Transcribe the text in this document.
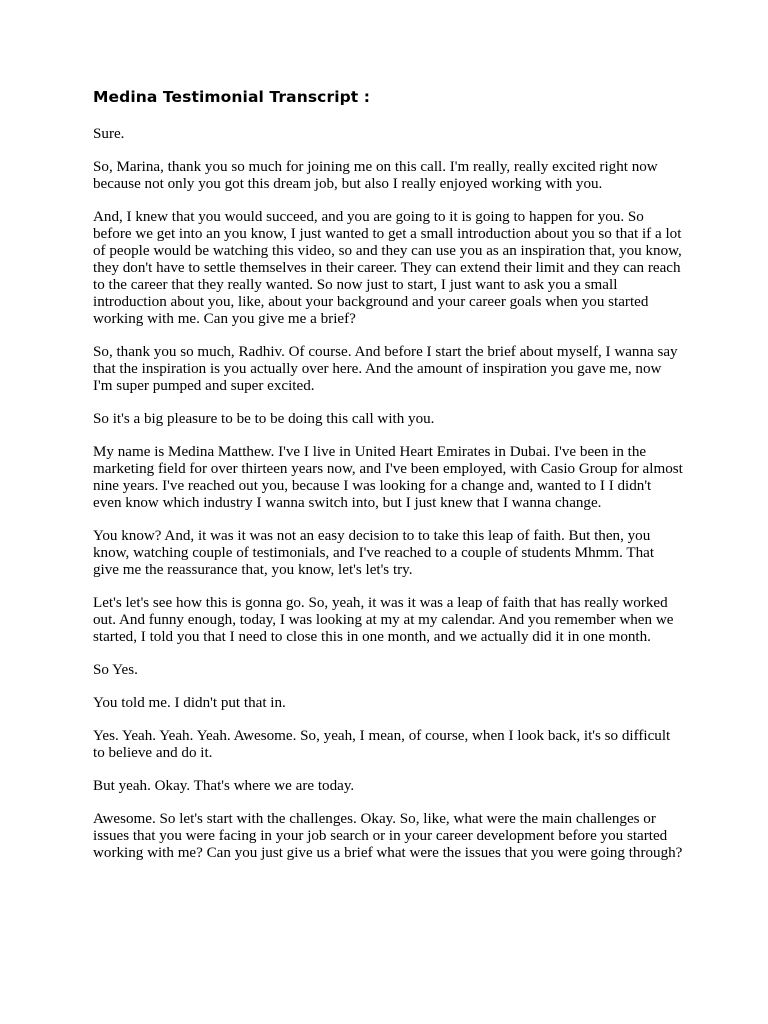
Medina Testimonial Transcript :

Sure.

So, Marina, thank you so much for joining me on this call. I'm really, really excited right now because not only you got this dream job, but also I really enjoyed working with you.

And, I knew that you would succeed, and you are going to it is going to happen for you. So before we get into an you know, I just wanted to get a small introduction about you so that if a lot of people would be watching this video, so and they can use you as an inspiration that, you know, they don't have to settle themselves in their career. They can extend their limit and they can reach to the career that they really wanted. So now just to start, I just want to ask you a small introduction about you, like, about your background and your career goals when you started working with me. Can you give me a brief?

So, thank you so much, Radhiv. Of course. And before I start the brief about myself, I wanna say that the inspiration is you actually over here. And the amount of inspiration you gave me, now I'm super pumped and super excited.

So it's a big pleasure to be to be doing this call with you.

My name is Medina Matthew. I've I live in United Heart Emirates in Dubai. I've been in the marketing field for over thirteen years now, and I've been employed, with Casio Group for almost nine years. I've reached out you, because I was looking for a change and, wanted to I I didn't even know which industry I wanna switch into, but I just knew that I wanna change.

You know? And, it was it was not an easy decision to to take this leap of faith. But then, you know, watching couple of testimonials, and I've reached to a couple of students Mhmm. That give me the reassurance that, you know, let's let's try.

Let's let's see how this is gonna go. So, yeah, it was it was a leap of faith that has really worked out. And funny enough, today, I was looking at my at my calendar. And you remember when we started, I told you that I need to close this in one month, and we actually did it in one month.

So Yes.

You told me. I didn't put that in.

Yes. Yeah. Yeah. Yeah. Awesome. So, yeah, I mean, of course, when I look back, it's so difficult to believe and do it.

But yeah. Okay. That's where we are today.

Awesome. So let's start with the challenges. Okay. So, like, what were the main challenges or issues that you were facing in your job search or in your career development before you started working with me? Can you just give us a brief what were the issues that you were going through?
